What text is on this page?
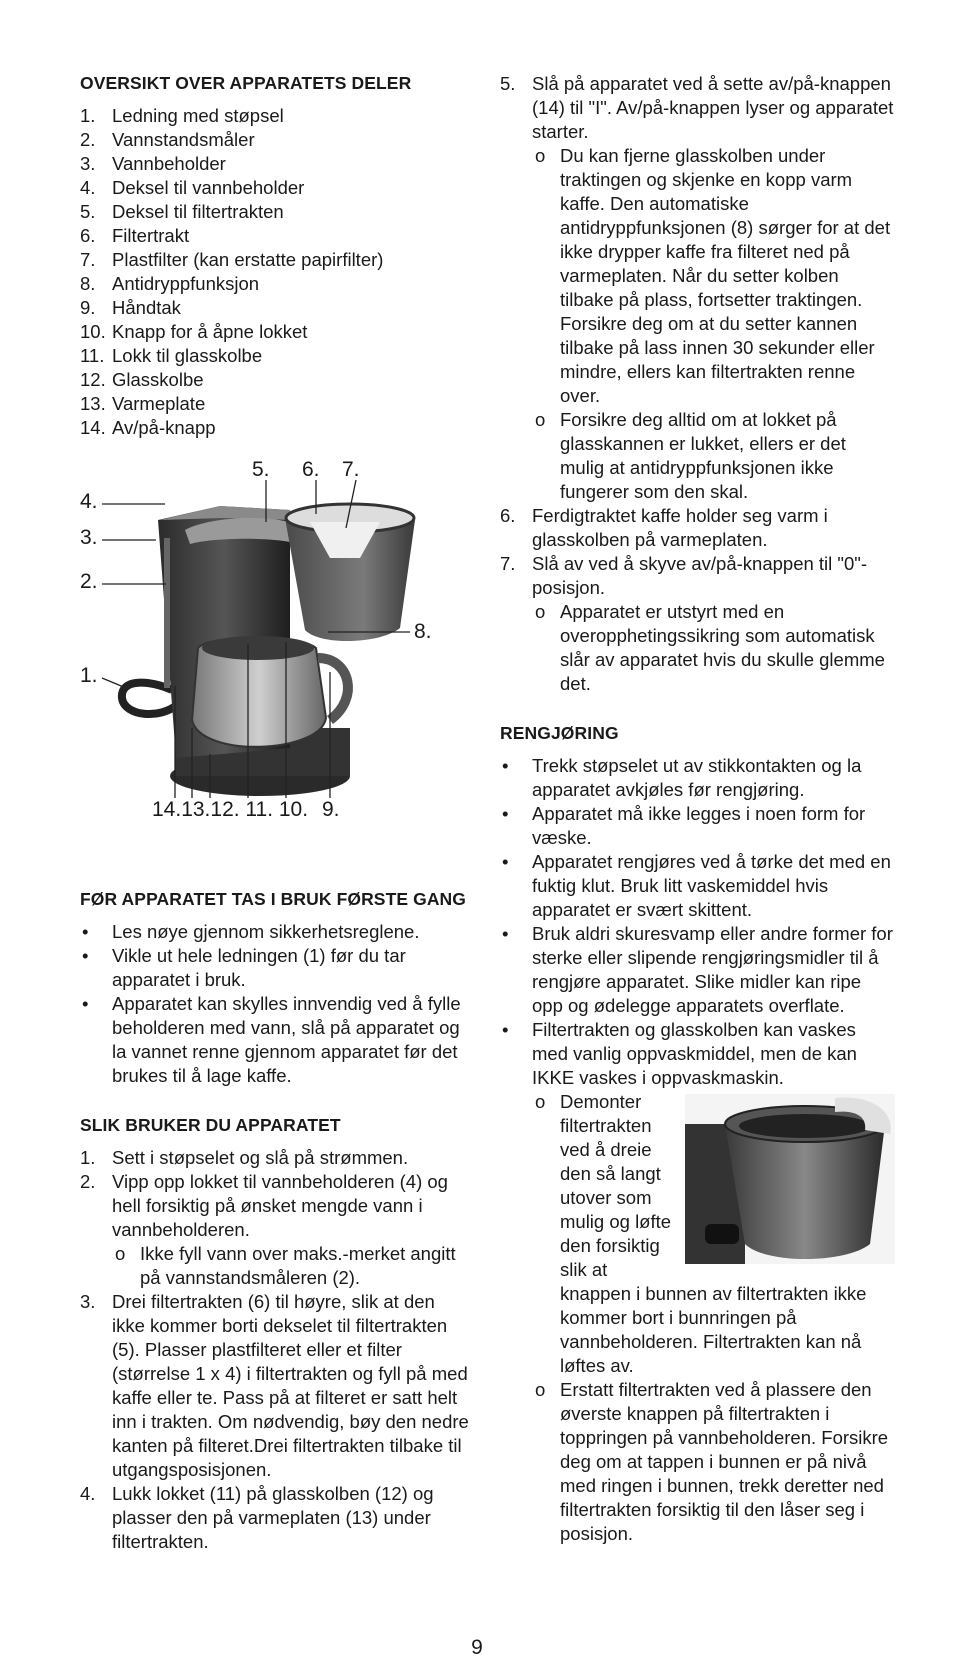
OVERSIKT OVER APPARATETS DELER
1. Ledning med støpsel
2. Vannstandsmåler
3. Vannbeholder
4. Deksel til vannbeholder
5. Deksel til filtertrakten
6. Filtertrakt
7. Plastfilter (kan erstatte papirfilter)
8. Antidryppfunksjon
9. Håndtak
10. Knapp for å åpne lokket
11. Lokk til glasskolbe
12. Glasskolbe
13. Varmeplate
14. Av/på-knapp
4.
3.
2.
1.
5. 6. 7.
8.
14.13.12. 11. 10. 9.
FØR APPARATET TAS I BRUK FØRSTE GANG
• Les nøye gjennom sikkerhetsreglene.
• Vikle ut hele ledningen (1) før du tar apparatet i bruk.
• Apparatet kan skylles innvendig ved å fylle beholderen med vann, slå på apparatet og la vannet renne gjennom apparatet før det brukes til å lage kaffe.
SLIK BRUKER DU APPARATET
1. Sett i støpselet og slå på strømmen.
2. Vipp opp lokket til vannbeholderen (4) og hell forsiktig på ønsket mengde vann i vannbeholderen.
o Ikke fyll vann over maks.-merket angitt på vannstandsmåleren (2).
3. Drei filtertrakten (6) til høyre, slik at den ikke kommer borti dekselet til filtertrakten (5). Plasser plastfilteret eller et filter (størrelse 1 x 4) i filtertrakten og fyll på med kaffe eller te. Pass på at filteret er satt helt inn i trakten. Om nødvendig, bøy den nedre kanten på filteret.Drei filtertrakten tilbake til utgangsposisjonen.
4. Lukk lokket (11) på glasskolben (12) og plasser den på varmeplaten (13) under filtertrakten.
5. Slå på apparatet ved å sette av/på-knappen (14) til "I". Av/på-knappen lyser og apparatet starter.
o Du kan fjerne glasskolben under traktingen og skjenke en kopp varm kaffe. Den automatiske antidryppfunksjonen (8) sørger for at det ikke drypper kaffe fra filteret ned på varmeplaten. Når du setter kolben tilbake på plass, fortsetter traktingen. Forsikre deg om at du setter kannen tilbake på lass innen 30 sekunder eller mindre, ellers kan filtertrakten renne over.
o Forsikre deg alltid om at lokket på glasskannen er lukket, ellers er det mulig at antidryppfunksjonen ikke fungerer som den skal.
6. Ferdigtraktet kaffe holder seg varm i glasskolben på varmeplaten.
7. Slå av ved å skyve av/på-knappen til "0"-posisjon.
o Apparatet er utstyrt med en overopphetingssikring som automatisk slår av apparatet hvis du skulle glemme det.
RENGJØRING
• Trekk støpselet ut av stikkontakten og la apparatet avkjøles før rengjøring.
• Apparatet må ikke legges i noen form for væske.
• Apparatet rengjøres ved å tørke det med en fuktig klut. Bruk litt vaskemiddel hvis apparatet er svært skittent.
• Bruk aldri skuresvamp eller andre former for sterke eller slipende rengjøringsmidler til å rengjøre apparatet. Slike midler kan ripe opp og ødelegge apparatets overflate.
• Filtertrakten og glasskolben kan vaskes med vanlig oppvaskmiddel, men de kan IKKE vaskes i oppvaskmaskin.
o Demonter filtertrakten ved å dreie den så langt utover som mulig og løfte den forsiktig slik at knappen i bunnen av filtertrakten ikke kommer bort i bunnringen på vannbeholderen. Filtertrakten kan nå løftes av.
o Erstatt filtertrakten ved å plassere den øverste knappen på filtertrakten i toppringen på vannbeholderen. Forsikre deg om at tappen i bunnen er på nivå med ringen i bunnen, trekk deretter ned filtertrakten forsiktig til den låser seg i posisjon.
9
